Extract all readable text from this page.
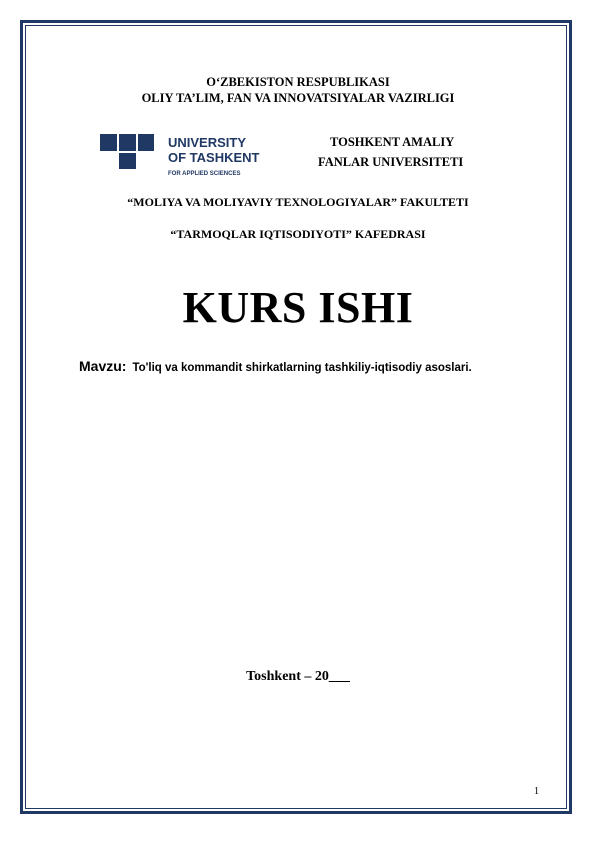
O‘ZBEKISTON RESPUBLIKASI
OLIY TA’LIM, FAN VA INNOVATSIYALAR VAZIRLIGI
UNIVERSITY
OF TASHKENT
FOR APPLIED SCIENCES
TOSHKENT AMALIY
FANLAR UNIVERSITETI
“MOLIYA VA MOLIYAVIY TEXNOLOGIYALAR” FAKULTETI
“TARMOQLAR IQTISODIYOTI” KAFEDRASI
KURS ISHI
Mavzu: To'liq va kommandit shirkatlarning tashkiliy-iqtisodiy asoslari.
Toshkent – 20___
1
